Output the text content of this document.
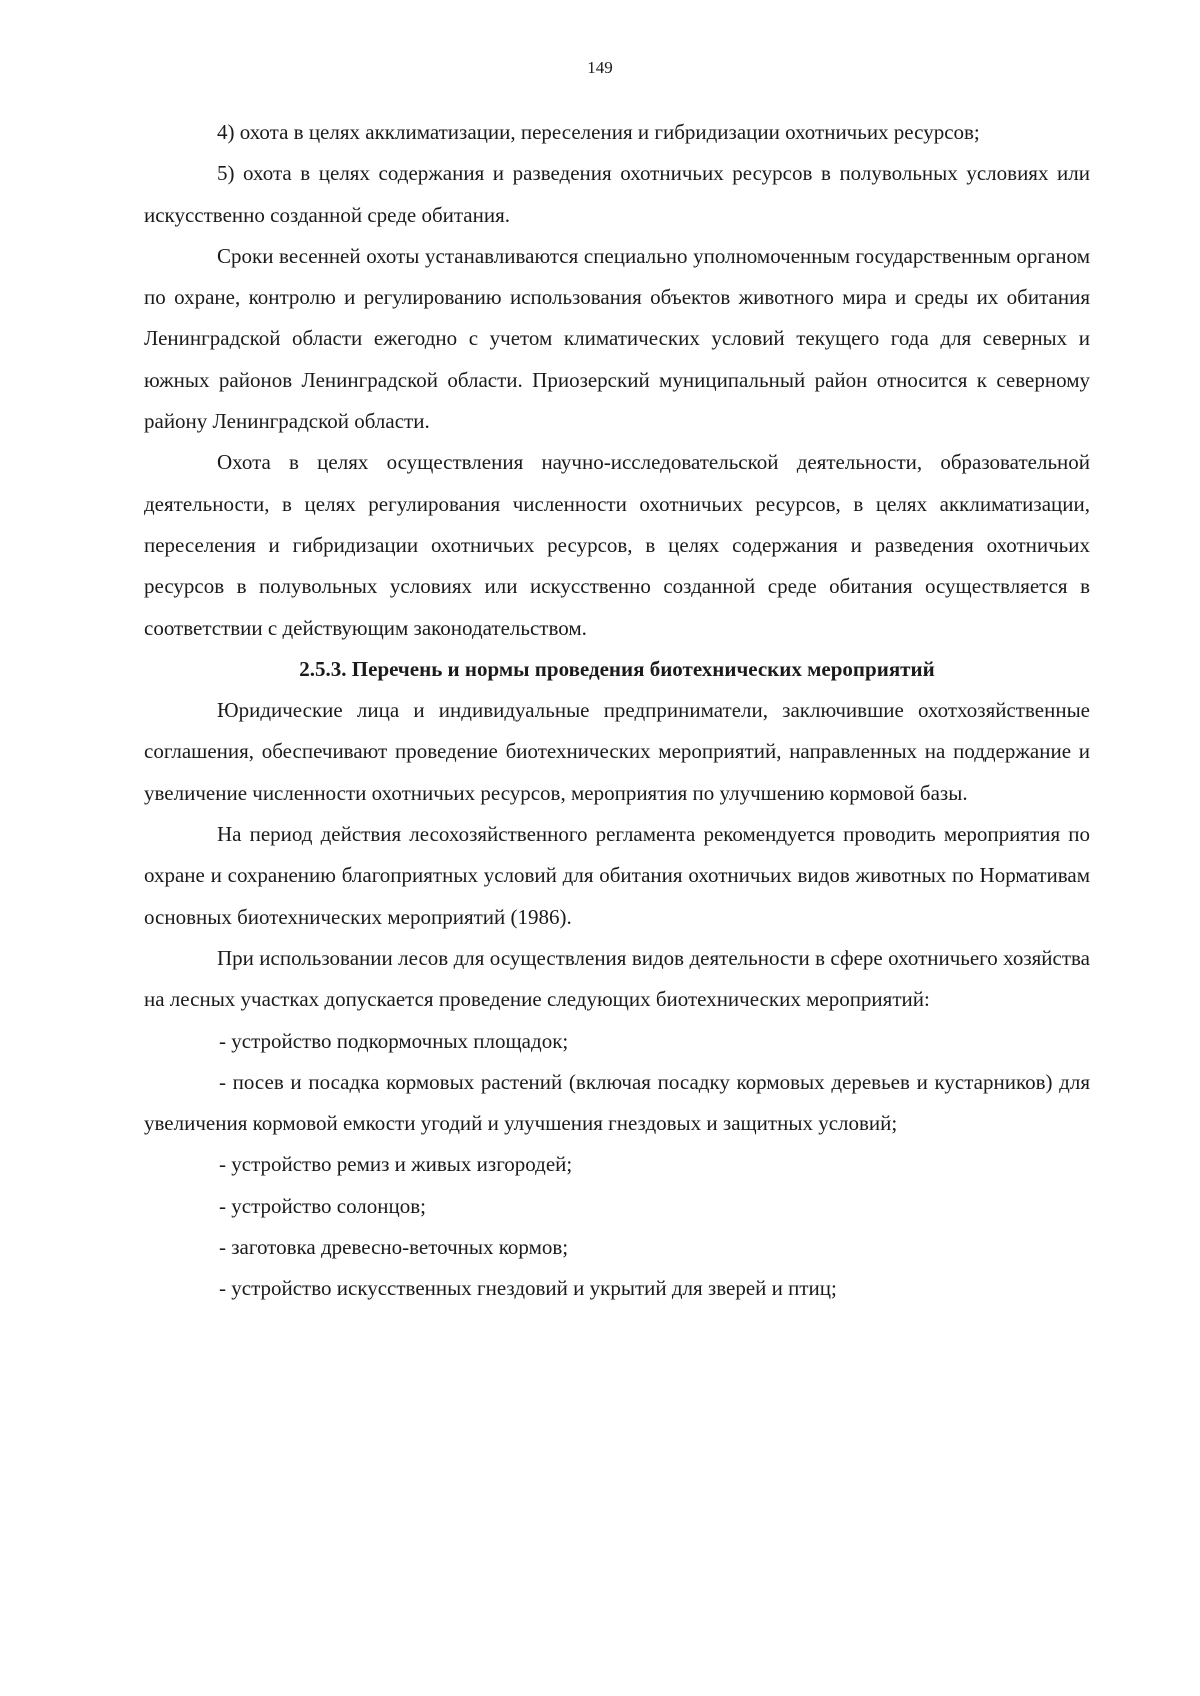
149

4) охота в целях акклиматизации, переселения и гибридизации охотничьих ресурсов;

5) охота в целях содержания и разведения охотничьих ресурсов в полувольных условиях или искусственно созданной среде обитания.

Сроки весенней охоты устанавливаются специально уполномоченным государственным органом по охране, контролю и регулированию использования объектов животного мира и среды их обитания Ленинградской области ежегодно с учетом климатических условий текущего года для северных и южных районов Ленинградской области. Приозерский муниципальный район относится к северному району Ленинградской области.

Охота в целях осуществления научно-исследовательской деятельности, образовательной деятельности, в целях регулирования численности охотничьих ресурсов, в целях акклиматизации, переселения и гибридизации охотничьих ресурсов, в целях содержания и разведения охотничьих ресурсов в полувольных условиях или искусственно созданной среде обитания осуществляется в соответствии с действующим законодательством.

2.5.3. Перечень и нормы проведения биотехнических мероприятий

Юридические лица и индивидуальные предприниматели, заключившие охотхозяйственные соглашения, обеспечивают проведение биотехнических мероприятий, направленных на поддержание и увеличение численности охотничьих ресурсов, мероприятия по улучшению кормовой базы.

На период действия лесохозяйственного регламента рекомендуется проводить мероприятия по охране и сохранению благоприятных условий для обитания охотничьих видов животных по Нормативам основных биотехнических мероприятий (1986).

При использовании лесов для осуществления видов деятельности в сфере охотничьего хозяйства на лесных участках допускается проведение следующих биотехнических мероприятий:

- устройство подкормочных площадок;

- посев и посадка кормовых растений (включая посадку кормовых деревьев и кустарников) для увеличения кормовой емкости угодий и улучшения гнездовых и защитных условий;

- устройство ремиз и живых изгородей;

- устройство солонцов;

- заготовка древесно-веточных кормов;

- устройство искусственных гнездовий и укрытий для зверей и птиц;
